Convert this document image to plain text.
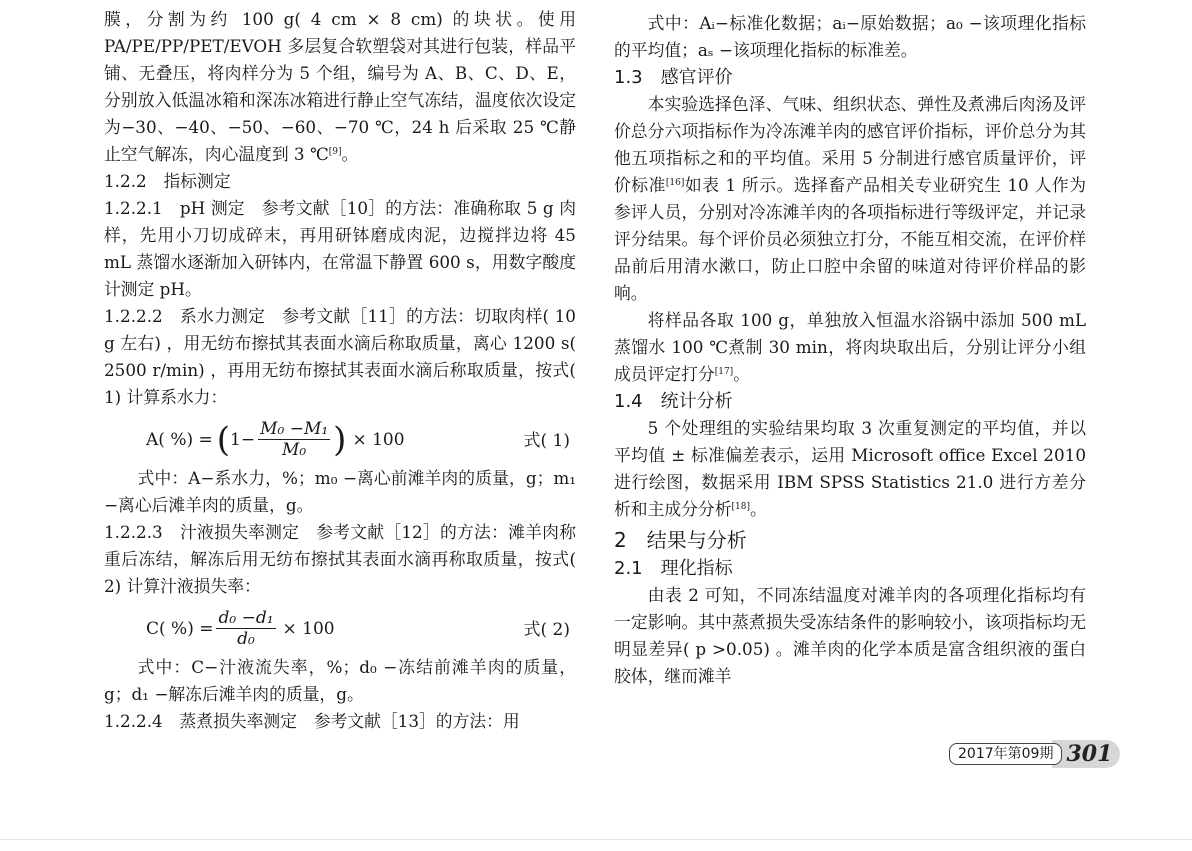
膜，分割为约 100 g( 4 cm × 8 cm) 的块状。使用 PA/PE/PP/PET/EVOH 多层复合软塑袋对其进行包装，样品平铺、无叠压，将肉样分为 5 个组，编号为 A、B、C、D、E，分别放入低温冰箱和深冻冰箱进行静止空气冻结，温度依次设定为−30、−40、−50、−60、−70 ℃，24 h 后采取 25 ℃静止空气解冻，肉心温度到 3 ℃[9]。

1.2.2　指标测定

1.2.2.1　pH 测定　参考文献［10］的方法：准确称取 5 g 肉样，先用小刀切成碎末，再用研钵磨成肉泥，边搅拌边将 45 mL 蒸馏水逐渐加入研钵内，在常温下静置 600 s，用数字酸度计测定 pH。

1.2.2.2　系水力测定　参考文献［11］的方法：切取肉样( 10 g 左右) ，用无纺布擦拭其表面水滴后称取质量，离心 1200 s( 2500 r/min) ，再用无纺布擦拭其表面水滴后称取质量，按式( 1) 计算系水力：

A( %) = ( $1- \frac{\text{M₀ −M₁}}{\text{M₀}}$ ) × 100	式( 1)

式中：A−系水力，%；m₀ −离心前滩羊肉的质量，g；m₁ −离心后滩羊肉的质量，g。

1.2.2.3　汁液损失率测定　参考文献［12］的方法：滩羊肉称重后冻结，解冻后用无纺布擦拭其表面水滴再称取质量，按式( 2) 计算汁液损失率：

C( %) = $\frac{\text{d₀ −d₁}}{\text{d₀}} \times 100$	式( 2)

式中：C−汁液流失率，%；d₀ −冻结前滩羊肉的质量，g；d₁ −解冻后滩羊肉的质量，g。

1.2.2.4　蒸煮损失率测定　参考文献［13］的方法：用

式中：Aᵢ−标准化数据；aᵢ−原始数据；a₀ −该项理化指标的平均值；aₛ −该项理化指标的标准差。

1.3　感官评价

本实验选择色泽、气味、组织状态、弹性及煮沸后肉汤及评价总分六项指标作为冷冻滩羊肉的感官评价指标，评价总分为其他五项指标之和的平均值。采用 5 分制进行感官质量评价，评价标准[16]如表 1 所示。选择畜产品相关专业研究生 10 人作为参评人员，分别对冷冻滩羊肉的各项指标进行等级评定，并记录评分结果。每个评价员必须独立打分，不能互相交流，在评价样品前后用清水漱口，防止口腔中余留的味道对待评价样品的影响。

将样品各取 100 g，单独放入恒温水浴锅中添加 500 mL 蒸馏水 100 ℃煮制 30 min，将肉块取出后，分别让评分小组成员评定打分[17]。

1.4　统计分析

5 个处理组的实验结果均取 3 次重复测定的平均值，并以平均值 ± 标准偏差表示，运用 Microsoft office Excel 2010 进行绘图，数据采用 IBM SPSS Statistics 21.0 进行方差分析和主成分分析[18]。

2　结果与分析
2.1　理化指标

由表 2 可知，不同冻结温度对滩羊肉的各项理化指标均有一定影响。其中蒸煮损失受冻结条件的影响较小，该项指标均无明显差异( p >0.05) 。滩羊肉的化学本质是富含组织液的蛋白胶体，继而滩羊

2017年第09期 301
